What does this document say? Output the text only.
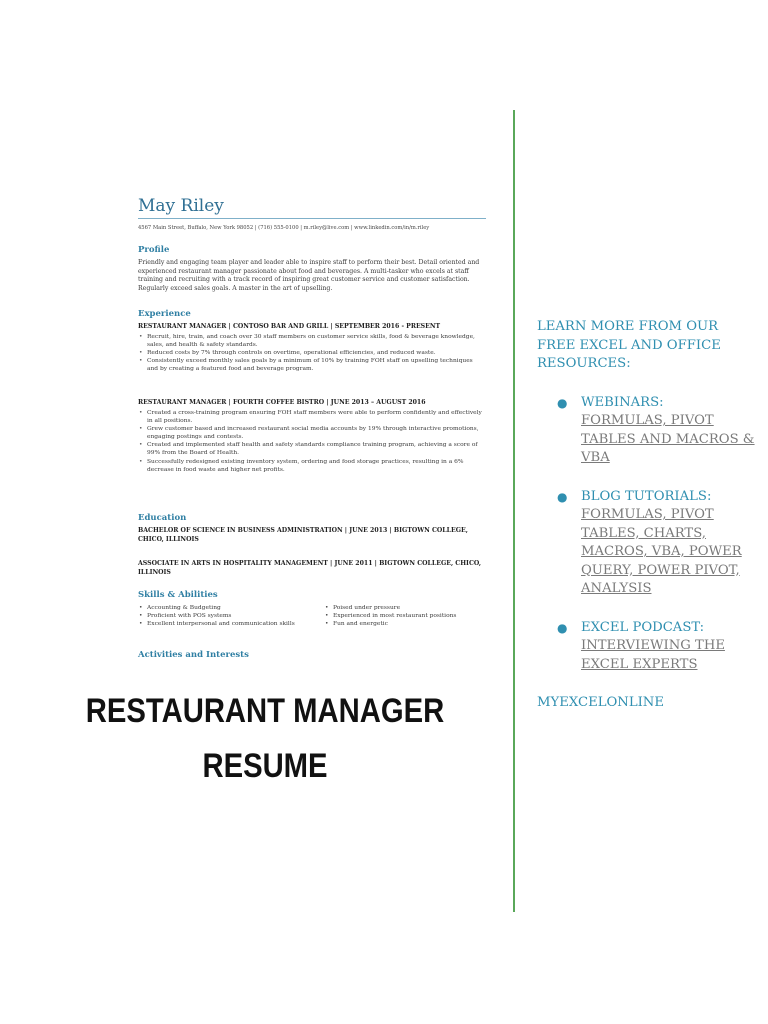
May Riley
4567 Main Street, Buffalo, New York 98052 | (716) 555-0100 | m.riley@live.com | www.linkedin.com/in/m.riley
Profile
Friendly and engaging team player and leader able to inspire staff to perform their best. Detail oriented and experienced restaurant manager passionate about food and beverages. A multi-tasker who excels at staff training and recruiting with a track record of inspiring great customer service and customer satisfaction. Regularly exceed sales goals. A master in the art of upselling.
Experience
RESTAURANT MANAGER | CONTOSO BAR AND GRILL | SEPTEMBER 2016 - PRESENT
• Recruit, hire, train, and coach over 30 staff members on customer service skills, food & beverage knowledge, sales, and health & safety standards.
• Reduced costs by 7% through controls on overtime, operational efficiencies, and reduced waste.
• Consistently exceed monthly sales goals by a minimum of 10% by training FOH staff on upselling techniques and by creating a featured food and beverage program.
RESTAURANT MANAGER | FOURTH COFFEE BISTRO | JUNE 2013 – AUGUST 2016
• Created a cross-training program ensuring FOH staff members were able to perform confidently and effectively in all positions.
• Grew customer based and increased restaurant social media accounts by 19% through interactive promotions, engaging postings and contests.
• Created and implemented staff health and safety standards compliance training program, achieving a score of 99% from the Board of Health.
• Successfully redesigned existing inventory system, ordering and food storage practices, resulting in a 6% decrease in food waste and higher net profits.
Education
BACHELOR OF SCIENCE IN BUSINESS ADMINISTRATION | JUNE 2013 | BIGTOWN COLLEGE, CHICO, ILLINOIS
ASSOCIATE IN ARTS IN HOSPITALITY MANAGEMENT | JUNE 2011 | BIGTOWN COLLEGE, CHICO, ILLINOIS
Skills & Abilities
• Accounting & Budgeting
• Proficient with POS systems
• Excellent interpersonal and communication skills
• Poised under pressure
• Experienced in most restaurant positions
• Fun and energetic
Activities and Interests
RESTAURANT MANAGER
RESUME
LEARN MORE FROM OUR FREE EXCEL AND OFFICE RESOURCES:
● WEBINARS:
FORMULAS, PIVOT TABLES AND MACROS & VBA
● BLOG TUTORIALS:
FORMULAS, PIVOT TABLES, CHARTS, MACROS, VBA, POWER QUERY, POWER PIVOT, ANALYSIS
● EXCEL PODCAST:
INTERVIEWING THE EXCEL EXPERTS
MYEXCELONLINE
